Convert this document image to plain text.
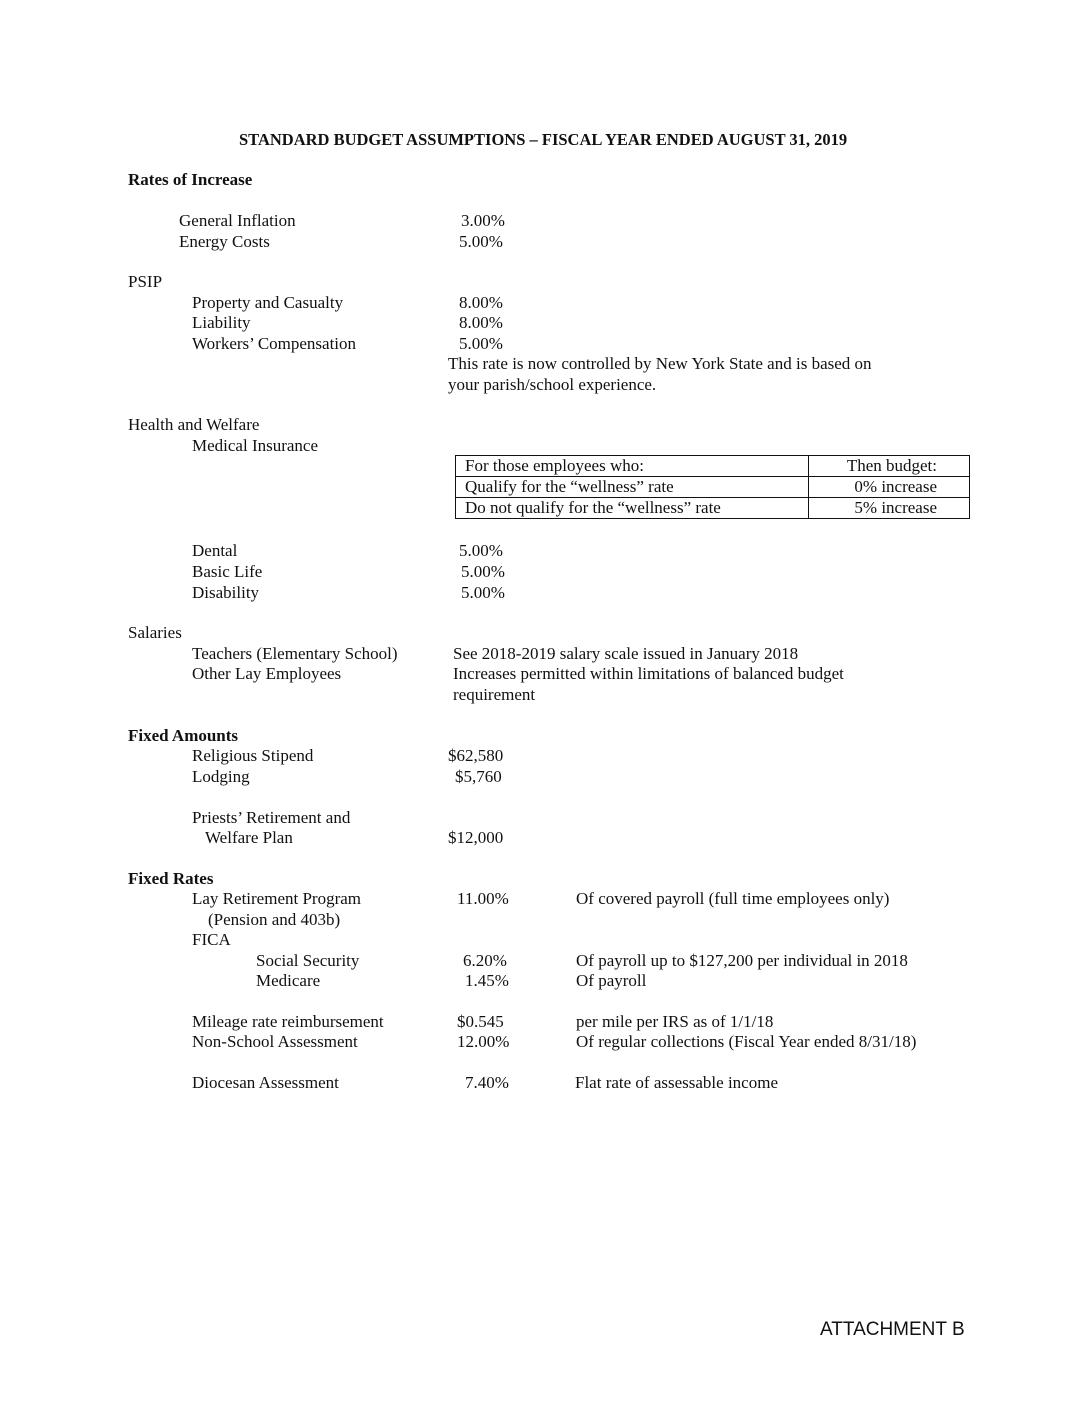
STANDARD BUDGET ASSUMPTIONS – FISCAL YEAR ENDED AUGUST 31, 2019
Rates of Increase
General Inflation	3.00%
Energy Costs	5.00%
PSIP
Property and Casualty	8.00%
Liability	8.00%
Workers’ Compensation	5.00%
This rate is now controlled by New York State and is based on
your parish/school experience.
Health and Welfare
Medical Insurance
For those employees who:	Then budget:
Qualify for the “wellness” rate	0% increase
Do not qualify for the “wellness” rate	5% increase
Dental	5.00%
Basic Life	5.00%
Disability	5.00%
Salaries
Teachers (Elementary School)	See 2018-2019 salary scale issued in January 2018
Other Lay Employees	Increases permitted within limitations of balanced budget
requirement
Fixed Amounts
Religious Stipend	$62,580
Lodging	$5,760
Priests’ Retirement and
Welfare Plan	$12,000
Fixed Rates
Lay Retirement Program
(Pension and 403b)
11.00%	Of covered payroll (full time employees only)
FICA
Social Security	6.20%	Of payroll up to $127,200 per individual in 2018
Medicare	1.45%	Of payroll
Mileage rate reimbursement	$0.545	per mile per IRS as of 1/1/18
Non-School Assessment	12.00%	Of regular collections (Fiscal Year ended 8/31/18)
Diocesan Assessment	7.40%	Flat rate of assessable income
ATTACHMENT B
